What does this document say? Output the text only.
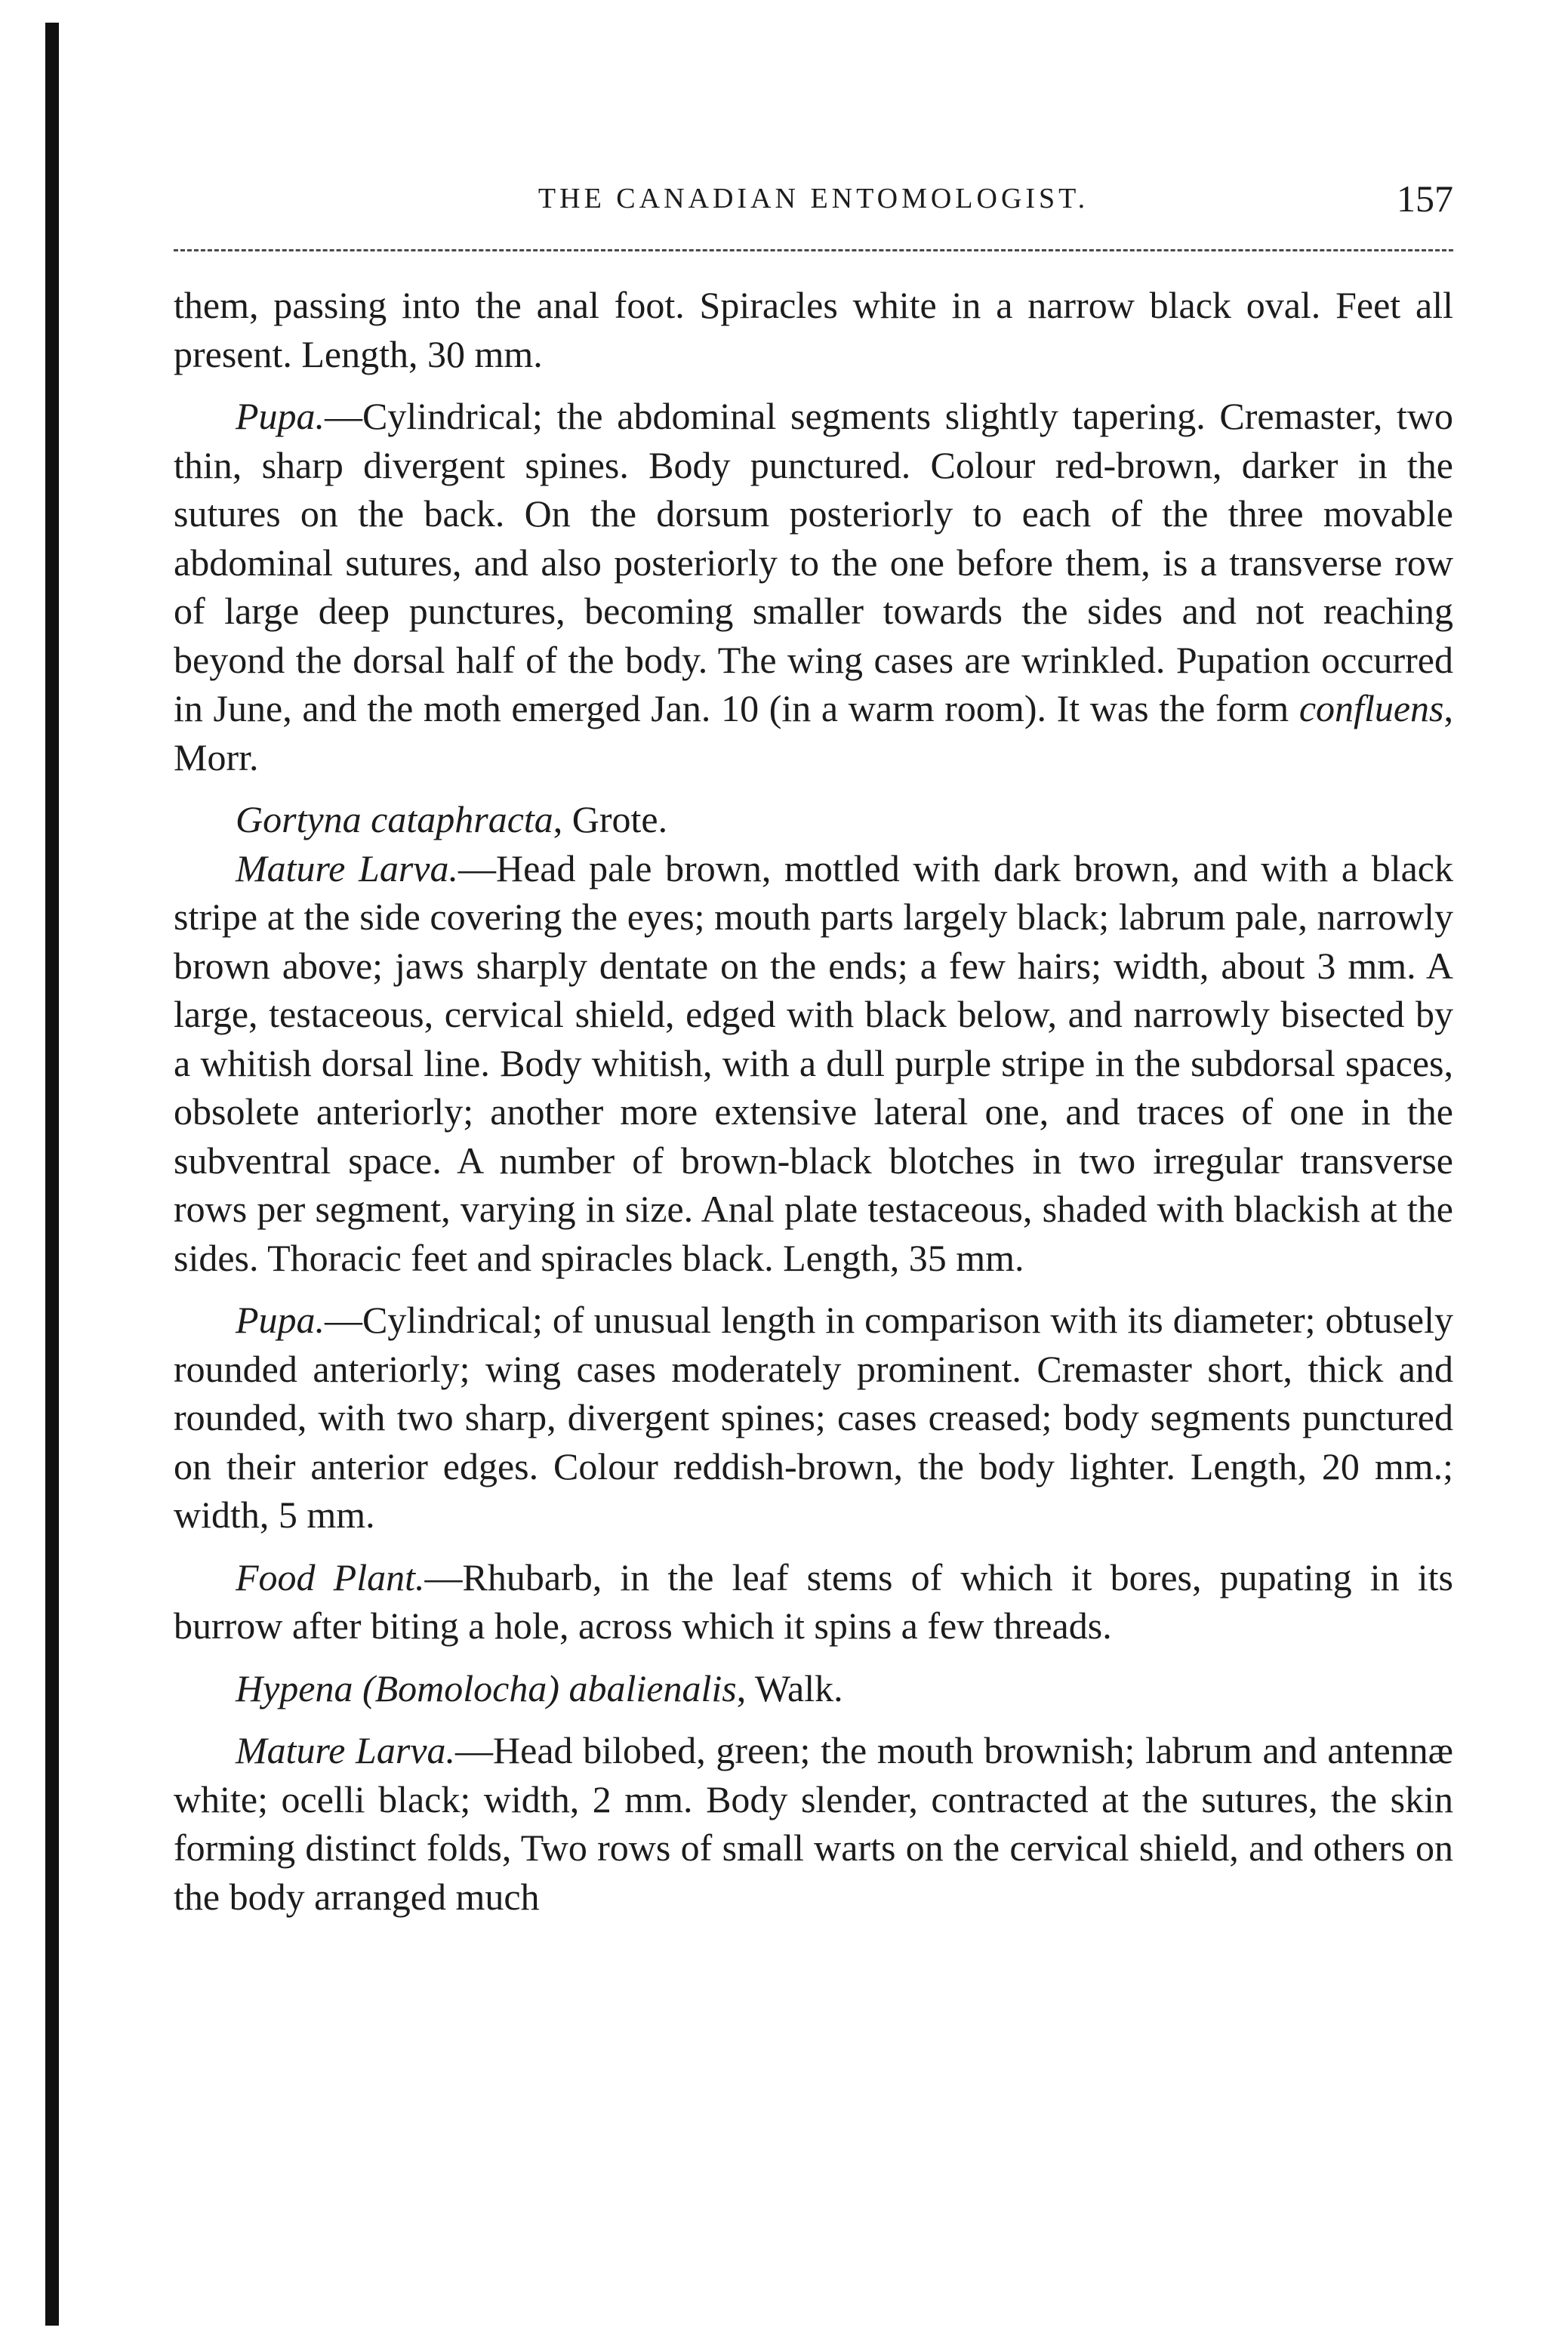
THE CANADIAN ENTOMOLOGIST.	157

them, passing into the anal foot. Spiracles white in a narrow black oval. Feet all present. Length, 30 mm.

Pupa.—Cylindrical; the abdominal segments slightly tapering. Cremaster, two thin, sharp divergent spines. Body punctured. Colour red-brown, darker in the sutures on the back. On the dorsum posteriorly to each of the three movable abdominal sutures, and also posteriorly to the one before them, is a transverse row of large deep punctures, becoming smaller towards the sides and not reaching beyond the dorsal half of the body. The wing cases are wrinkled. Pupation occurred in June, and the moth emerged Jan. 10 (in a warm room). It was the form confluens, Morr.

Gortyna cataphracta, Grote.

Mature Larva.—Head pale brown, mottled with dark brown, and with a black stripe at the side covering the eyes; mouth parts largely black; labrum pale, narrowly brown above; jaws sharply dentate on the ends; a few hairs; width, about 3 mm. A large, testaceous, cervical shield, edged with black below, and narrowly bisected by a whitish dorsal line. Body whitish, with a dull purple stripe in the subdorsal spaces, obsolete anteriorly; another more extensive lateral one, and traces of one in the subventral space. A number of brown-black blotches in two irregular transverse rows per segment, varying in size. Anal plate testaceous, shaded with blackish at the sides. Thoracic feet and spiracles black. Length, 35 mm.

Pupa.—Cylindrical; of unusual length in comparison with its diameter; obtusely rounded anteriorly; wing cases moderately prominent. Cremaster short, thick and rounded, with two sharp, divergent spines; cases creased; body segments punctured on their anterior edges. Colour reddish-brown, the body lighter. Length, 20 mm.; width, 5 mm.

Food Plant.—Rhubarb, in the leaf stems of which it bores, pupating in its burrow after biting a hole, across which it spins a few threads.

Hypena (Bomolocha) abalienalis, Walk.

Mature Larva.—Head bilobed, green; the mouth brownish; labrum and antennæ white; ocelli black; width, 2 mm. Body slender, contracted at the sutures, the skin forming distinct folds, Two rows of small warts on the cervical shield, and others on the body arranged much
